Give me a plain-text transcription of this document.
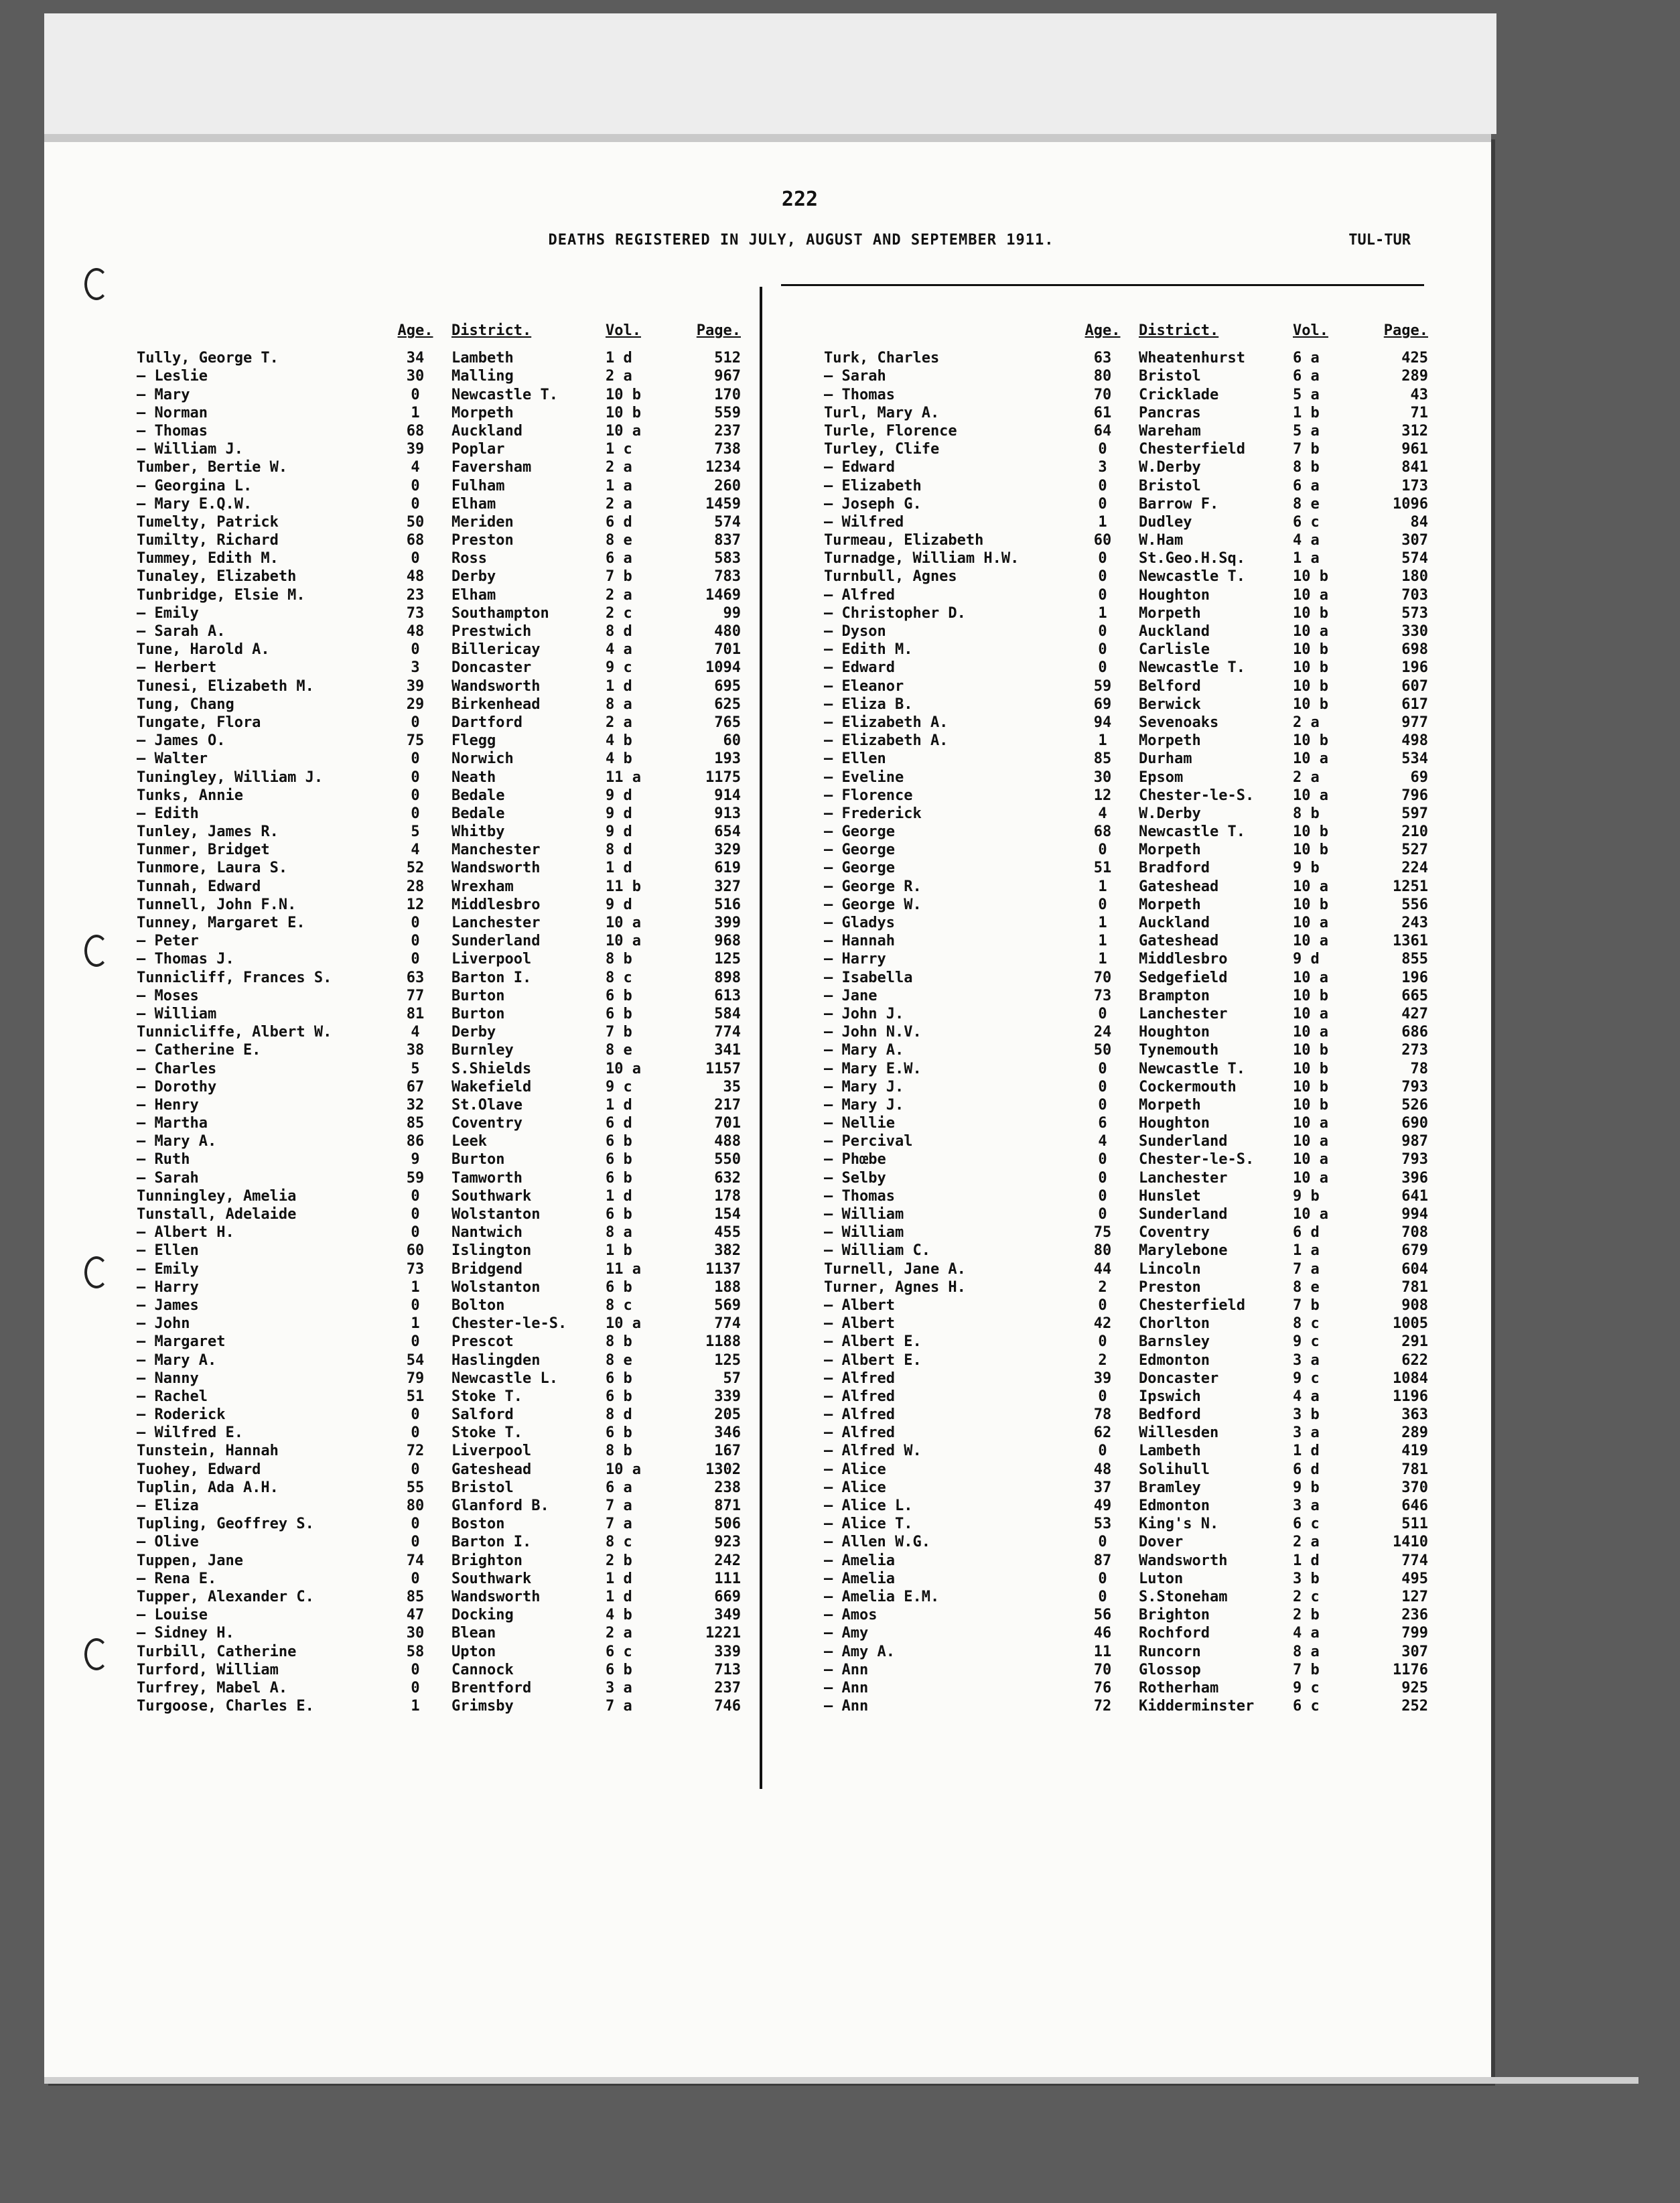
222
DEATHS REGISTERED IN JULY, AUGUST AND SEPTEMBER 1911.	TUL-TUR
Age. District.	Vol.	Page.
Tully, George T.	34	Lambeth	1 d	512
— Leslie	30	Malling	2 a	967
— Mary	0	Newcastle T.	10 b	170
— Norman	1	Morpeth	10 b	559
— Thomas	68	Auckland	10 a	237
— William J.	39	Poplar	1 c	738
Tumber, Bertie W.	4	Faversham	2 a	1234
— Georgina L.	0	Fulham	1 a	260
— Mary E.Q.W.	0	Elham	2 a	1459
Tumelty, Patrick	50	Meriden	6 d	574
Tumilty, Richard	68	Preston	8 e	837
Tummey, Edith M.	0	Ross	6 a	583
Tunaley, Elizabeth	48	Derby	7 b	783
Tunbridge, Elsie M.	23	Elham	2 a	1469
— Emily	73	Southampton	2 c	99
— Sarah A.	48	Prestwich	8 d	480
Tune, Harold A.	0	Billericay	4 a	701
— Herbert	3	Doncaster	9 c	1094
Tunesi, Elizabeth M.	39	Wandsworth	1 d	695
Tung, Chang	29	Birkenhead	8 a	625
Tungate, Flora	0	Dartford	2 a	765
— James O.	75	Flegg	4 b	60
— Walter	0	Norwich	4 b	193
Tuningley, William J.	0	Neath	11 a	1175
Tunks, Annie	0	Bedale	9 d	914
— Edith	0	Bedale	9 d	913
Tunley, James R.	5	Whitby	9 d	654
Tunmer, Bridget	4	Manchester	8 d	329
Tunmore, Laura S.	52	Wandsworth	1 d	619
Tunnah, Edward	28	Wrexham	11 b	327
Tunnell, John F.N.	12	Middlesbro	9 d	516
Tunney, Margaret E.	0	Lanchester	10 a	399
— Peter	0	Sunderland	10 a	968
— Thomas J.	0	Liverpool	8 b	125
Tunnicliff, Frances S.	63	Barton I.	8 c	898
— Moses	77	Burton	6 b	613
— William	81	Burton	6 b	584
Tunnicliffe, Albert W.	4	Derby	7 b	774
— Catherine E.	38	Burnley	8 e	341
— Charles	5	S.Shields	10 a	1157
— Dorothy	67	Wakefield	9 c	35
— Henry	32	St.Olave	1 d	217
— Martha	85	Coventry	6 d	701
— Mary A.	86	Leek	6 b	488
— Ruth	9	Burton	6 b	550
— Sarah	59	Tamworth	6 b	632
Tunningley, Amelia	0	Southwark	1 d	178
Tunstall, Adelaide	0	Wolstanton	6 b	154
— Albert H.	0	Nantwich	8 a	455
— Ellen	60	Islington	1 b	382
— Emily	73	Bridgend	11 a	1137
— Harry	1	Wolstanton	6 b	188
— James	0	Bolton	8 c	569
— John	1	Chester-le-S.	10 a	774
— Margaret	0	Prescot	8 b	1188
— Mary A.	54	Haslingden	8 e	125
— Nanny	79	Newcastle L.	6 b	57
— Rachel	51	Stoke T.	6 b	339
— Roderick	0	Salford	8 d	205
— Wilfred E.	0	Stoke T.	6 b	346
Tunstein, Hannah	72	Liverpool	8 b	167
Tuohey, Edward	0	Gateshead	10 a	1302
Tuplin, Ada A.H.	55	Bristol	6 a	238
— Eliza	80	Glanford B.	7 a	871
Tupling, Geoffrey S.	0	Boston	7 a	506
— Olive	0	Barton I.	8 c	923
Tuppen, Jane	74	Brighton	2 b	242
— Rena E.	0	Southwark	1 d	111
Tupper, Alexander C.	85	Wandsworth	1 d	669
— Louise	47	Docking	4 b	349
— Sidney H.	30	Blean	2 a	1221
Turbill, Catherine	58	Upton	6 c	339
Turford, William	0	Cannock	6 b	713
Turfrey, Mabel A.	0	Brentford	3 a	237
Turgoose, Charles E.	1	Grimsby	7 a	746
Age. District.	Vol.	Page.
Turk, Charles	63	Wheatenhurst	6 a	425
— Sarah	80	Bristol	6 a	289
— Thomas	70	Cricklade	5 a	43
Turl, Mary A.	61	Pancras	1 b	71
Turle, Florence	64	Wareham	5 a	312
Turley, Clife	0	Chesterfield	7 b	961
— Edward	3	W.Derby	8 b	841
— Elizabeth	0	Bristol	6 a	173
— Joseph G.	0	Barrow F.	8 e	1096
— Wilfred	1	Dudley	6 c	84
Turmeau, Elizabeth	60	W.Ham	4 a	307
Turnadge, William H.W.	0	St.Geo.H.Sq.	1 a	574
Turnbull, Agnes	0	Newcastle T.	10 b	180
— Alfred	0	Houghton	10 a	703
— Christopher D.	1	Morpeth	10 b	573
— Dyson	0	Auckland	10 a	330
— Edith M.	0	Carlisle	10 b	698
— Edward	0	Newcastle T.	10 b	196
— Eleanor	59	Belford	10 b	607
— Eliza B.	69	Berwick	10 b	617
— Elizabeth A.	94	Sevenoaks	2 a	977
— Elizabeth A.	1	Morpeth	10 b	498
— Ellen	85	Durham	10 a	534
— Eveline	30	Epsom	2 a	69
— Florence	12	Chester-le-S.	10 a	796
— Frederick	4	W.Derby	8 b	597
— George	68	Newcastle T.	10 b	210
— George	0	Morpeth	10 b	527
— George	51	Bradford	9 b	224
— George R.	1	Gateshead	10 a	1251
— George W.	0	Morpeth	10 b	556
— Gladys	1	Auckland	10 a	243
— Hannah	1	Gateshead	10 a	1361
— Harry	1	Middlesbro	9 d	855
— Isabella	70	Sedgefield	10 a	196
— Jane	73	Brampton	10 b	665
— John J.	0	Lanchester	10 a	427
— John N.V.	24	Houghton	10 a	686
— Mary A.	50	Tynemouth	10 b	273
— Mary E.W.	0	Newcastle T.	10 b	78
— Mary J.	0	Cockermouth	10 b	793
— Mary J.	0	Morpeth	10 b	526
— Nellie	6	Houghton	10 a	690
— Percival	4	Sunderland	10 a	987
— Phœbe	0	Chester-le-S.	10 a	793
— Selby	0	Lanchester	10 a	396
— Thomas	0	Hunslet	9 b	641
— William	0	Sunderland	10 a	994
— William	75	Coventry	6 d	708
— William C.	80	Marylebone	1 a	679
Turnell, Jane A.	44	Lincoln	7 a	604
Turner, Agnes H.	2	Preston	8 e	781
— Albert	0	Chesterfield	7 b	908
— Albert	42	Chorlton	8 c	1005
— Albert E.	0	Barnsley	9 c	291
— Albert E.	2	Edmonton	3 a	622
— Alfred	39	Doncaster	9 c	1084
— Alfred	0	Ipswich	4 a	1196
— Alfred	78	Bedford	3 b	363
— Alfred	62	Willesden	3 a	289
— Alfred W.	0	Lambeth	1 d	419
— Alice	48	Solihull	6 d	781
— Alice	37	Bramley	9 b	370
— Alice L.	49	Edmonton	3 a	646
— Alice T.	53	King's N.	6 c	511
— Allen W.G.	0	Dover	2 a	1410
— Amelia	87	Wandsworth	1 d	774
— Amelia	0	Luton	3 b	495
— Amelia E.M.	0	S.Stoneham	2 c	127
— Amos	56	Brighton	2 b	236
— Amy	46	Rochford	4 a	799
— Amy A.	11	Runcorn	8 a	307
— Ann	70	Glossop	7 b	1176
— Ann	76	Rotherham	9 c	925
— Ann	72	Kidderminster	6 c	252
